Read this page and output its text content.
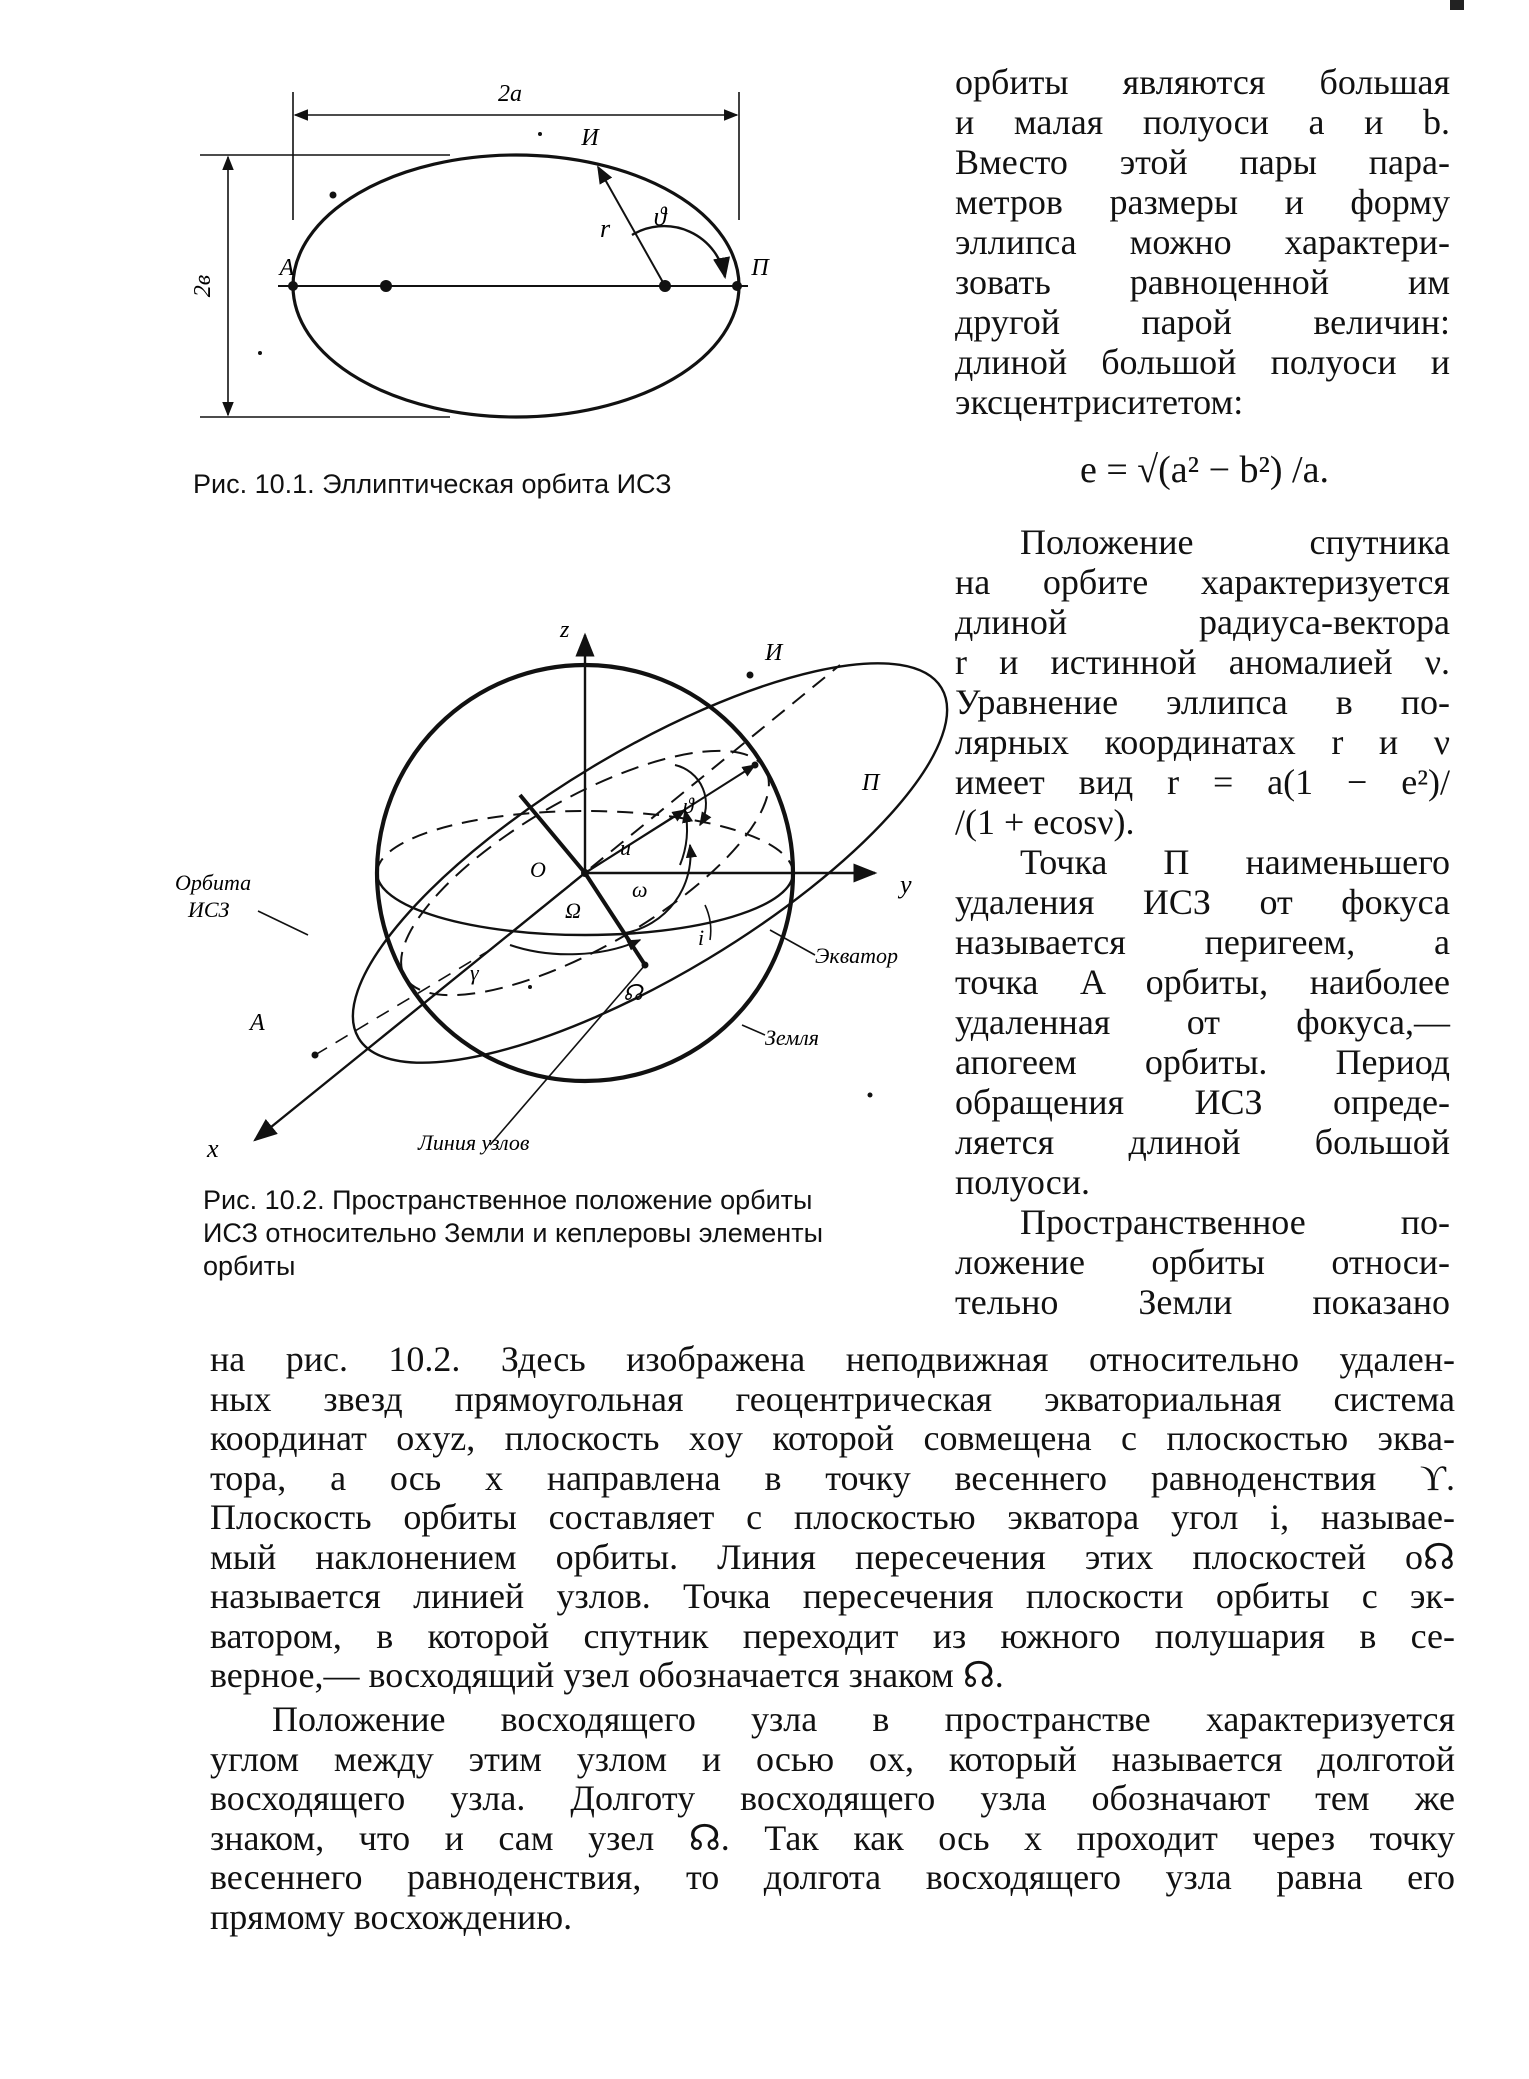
2a
2в
A	П
И
r ϑ
Рис. 10.1. Эллиптическая орбита ИСЗ
z
y
x
O
И
П
A
Орбита
ИСЗ
Экватор
Земля
Линия узлов
u
ϑ
ω
Ω
γ
i
☊
Рис. 10.2. Пространственное положение орбиты
ИСЗ относительно Земли и кеплеровы элементы
орбиты
орбиты являются большая
и малая полуоси a и b.
Вместо этой пары пара-
метров размеры и форму
эллипса можно характери-
зовать равноценной им
другой парой величин:
длиной большой полуоси и
эксцентриситетом:
e = √(a² − b²) /a.
Положение спутника
на орбите характеризуется
длиной радиуса-вектора
r и истинной аномалией ν.
Уравнение эллипса в по-
лярных координатах r и ν
имеет вид r = a(1 − e²)/
/(1 + ecosν).
Точка П наименьшего
удаления ИСЗ от фокуса
называется перигеем, а
точка A орбиты, наиболее
удаленная от фокуса,—
апогеем орбиты. Период
обращения ИСЗ опреде-
ляется длиной большой
полуоси.
Пространственное по-
ложение орбиты относи-
тельно Земли показано
на рис. 10.2. Здесь изображена неподвижная относительно удален-
ных звезд прямоугольная геоцентрическая экваториальная система
координат oxyz, плоскость xoy которой совмещена с плоскостью эква-
тора, а ось x направлена в точку весеннего равноденствия ϒ.
Плоскость орбиты составляет с плоскостью экватора угол i, называе-
мый наклонением орбиты. Линия пересечения этих плоскостей o☊
называется линией узлов. Точка пересечения плоскости орбиты с эк-
ватором, в которой спутник переходит из южного полушария в се-
верное,— восходящий узел обозначается знаком ☊.
Положение восходящего узла в пространстве характеризуется
углом между этим узлом и осью ox, который называется долготой
восходящего узла. Долготу восходящего узла обозначают тем же
знаком, что и сам узел ☊. Так как ось x проходит через точку
весеннего равноденствия, то долгота восходящего узла равна его
прямому восхождению.
